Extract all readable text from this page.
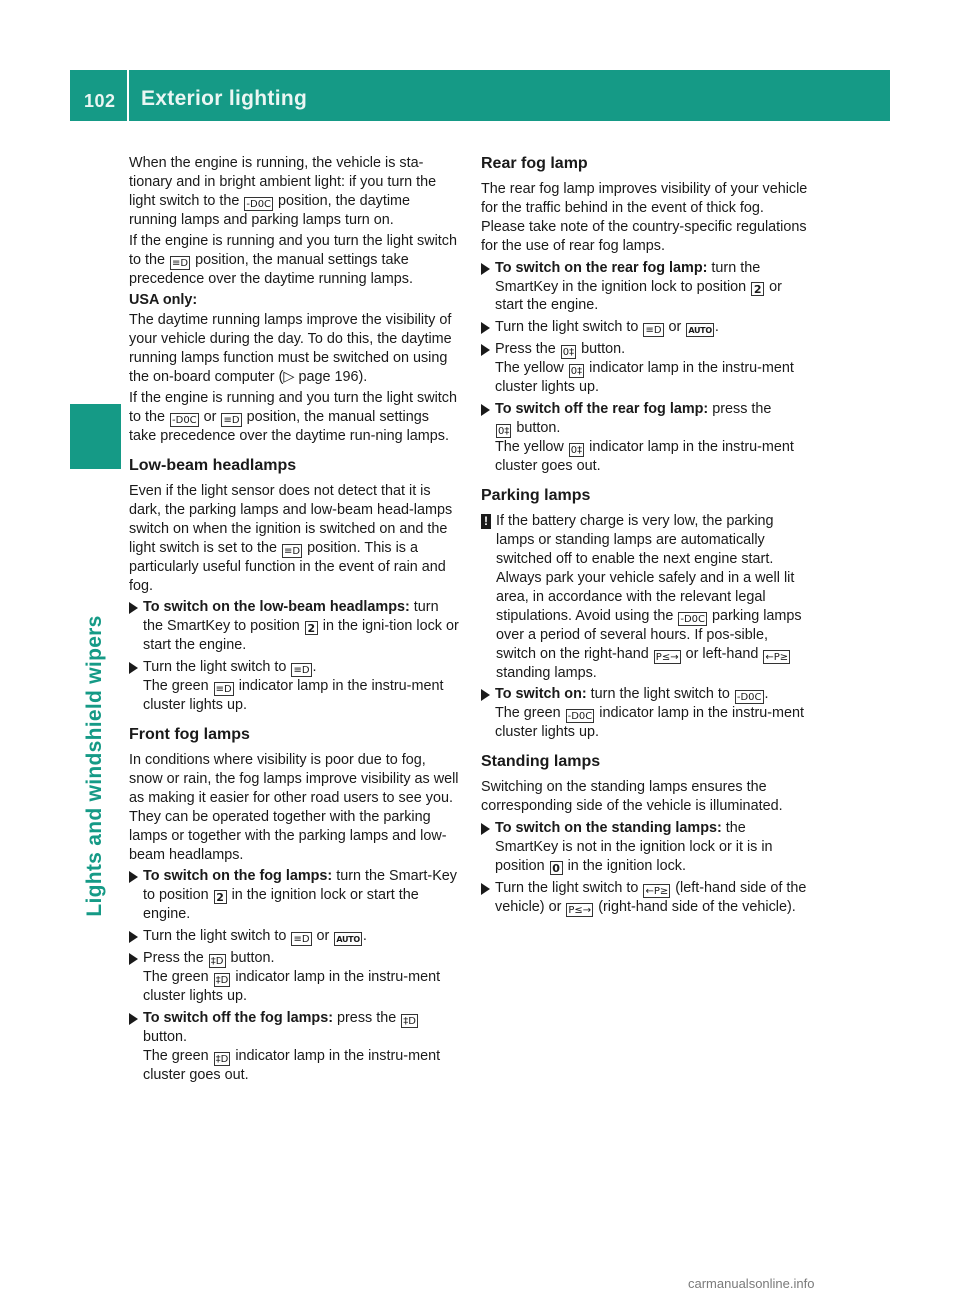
102 Exterior lighting
Lights and windshield wipers

When the engine is running, the vehicle is sta-tionary and in bright ambient light: if you turn the light switch to the -D0C position, the daytime running lamps and parking lamps turn on.

If the engine is running and you turn the light switch to the ≡D position, the manual settings take precedence over the daytime running lamps.

USA only:

The daytime running lamps improve the visibility of your vehicle during the day. To do this, the daytime running lamps function must be switched on using the on-board computer (▷ page 196).

If the engine is running and you turn the light switch to the -D0C or ≡D position, the manual settings take precedence over the daytime run-ning lamps.

Low-beam headlamps

Even if the light sensor does not detect that it is dark, the parking lamps and low-beam head-lamps switch on when the ignition is switched on and the light switch is set to the ≡D position. This is a particularly useful function in the event of rain and fog.

To switch on the low-beam headlamps: turn the SmartKey to position 2 in the igni-tion lock or start the engine.
Turn the light switch to ≡D .
The green ≡D indicator lamp in the instru-ment cluster lights up.
Front fog lamps

In conditions where visibility is poor due to fog, snow or rain, the fog lamps improve visibility as well as making it easier for other road users to see you. They can be operated together with the parking lamps or together with the parking lamps and low-beam headlamps.

To switch on the fog lamps: turn the Smart-Key to position 2 in the ignition lock or start the engine.
Turn the light switch to ≡D or AUTO .
Press the ‡D button.
The green ‡D indicator lamp in the instru-ment cluster lights up.
To switch off the fog lamps: press the ‡D
button.
The green ‡D indicator lamp in the instru-ment cluster goes out.
Rear fog lamp

The rear fog lamp improves visibility of your vehicle for the traffic behind in the event of thick fog. Please take note of the country-specific regulations for the use of rear fog lamps.

To switch on the rear fog lamp: turn the SmartKey in the ignition lock to position 2 or start the engine.
Turn the light switch to ≡D or AUTO .
Press the 0‡ button.
The yellow 0‡ indicator lamp in the instru-ment cluster lights up.
To switch off the rear fog lamp: press the
0‡ button.
The yellow 0‡ indicator lamp in the instru-ment cluster goes out.
Parking lamps
! If the battery charge is very low, the parking lamps or standing lamps are automatically switched off to enable the next engine start. Always park your vehicle safely and in a well lit area, in accordance with the relevant legal stipulations. Avoid using the -D0C parking lamps over a period of several hours. If pos-sible, switch on the right-hand P≤→ or left-hand ←P≥ standing lamps.
To switch on: turn the light switch to -D0C .
The green -D0C indicator lamp in the instru-ment cluster lights up.
Standing lamps

Switching on the standing lamps ensures the corresponding side of the vehicle is illuminated.

To switch on the standing lamps: the SmartKey is not in the ignition lock or it is in position 0 in the ignition lock.
Turn the light switch to ←P≥ (left-hand side of the vehicle) or P≤→ (right-hand side of the vehicle).
carmanualsonline.info
